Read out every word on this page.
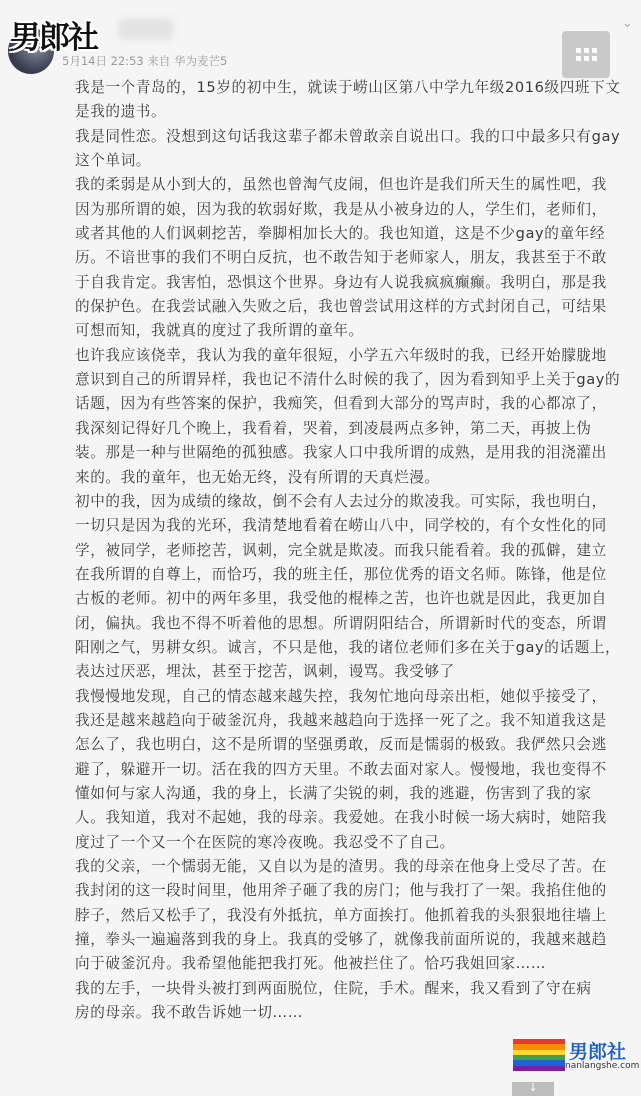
男郎社
5月14日 22:53 来自 华为麦芒5
⌄
我是一个青岛的，15岁的初中生，就读于崂山区第八中学九年级2016级四班下文
是我的遗书。
我是同性恋。没想到这句话我这辈子都未曾敢亲自说出口。我的口中最多只有gay
这个单词。
我的柔弱是从小到大的，虽然也曾淘气皮闹，但也许是我们所天生的属性吧，我
因为那所谓的娘，因为我的软弱好欺，我是从小被身边的人，学生们，老师们，
或者其他的人们讽刺挖苦，拳脚相加长大的。我也知道，这是不少gay的童年经
历。不谙世事的我们不明白反抗，也不敢告知于老师家人，朋友，我甚至于不敢
于自我肯定。我害怕，恐惧这个世界。身边有人说我疯疯癫癫。我明白，那是我
的保护色。在我尝试融入失败之后，我也曾尝试用这样的方式封闭自己，可结果
可想而知，我就真的度过了我所谓的童年。
也许我应该侥幸，我认为我的童年很短，小学五六年级时的我，已经开始朦胧地
意识到自己的所谓异样，我也记不清什么时候的我了，因为看到知乎上关于gay的
话题，因为有些答案的保护，我痴笑，但看到大部分的骂声时，我的心都凉了，
我深刻记得好几个晚上，我看着，哭着，到凌晨两点多钟，第二天，再披上伪
装。那是一种与世隔绝的孤独感。我家人口中我所谓的成熟，是用我的泪浇灌出
来的。我的童年，也无始无终，没有所谓的天真烂漫。
初中的我，因为成绩的缘故，倒不会有人去过分的欺凌我。可实际，我也明白，
一切只是因为我的光环，我清楚地看着在崂山八中，同学校的，有个女性化的同
学，被同学，老师挖苦，讽刺，完全就是欺凌。而我只能看着。我的孤僻，建立
在我所谓的自尊上，而恰巧，我的班主任，那位优秀的语文名师。陈锋，他是位
古板的老师。初中的两年多里，我受他的棍棒之苦，也许也就是因此，我更加自
闭，偏执。我也不得不听着他的思想。所谓阴阳结合，所谓新时代的变态，所谓
阳刚之气，男耕女织。诚言，不只是他，我的诸位老师们多在关于gay的话题上，
表达过厌恶，埋汰，甚至于挖苦，讽刺，谩骂。我受够了
我慢慢地发现，自己的情态越来越失控，我匆忙地向母亲出柜，她似乎接受了，
我还是越来越趋向于破釜沉舟，我越来越趋向于选择一死了之。我不知道我这是
怎么了，我也明白，这不是所谓的坚强勇敢，反而是懦弱的极致。我俨然只会逃
避了，躲避开一切。活在我的四方天里。不敢去面对家人。慢慢地，我也变得不
懂如何与家人沟通，我的身上，长满了尖锐的刺，我的逃避，伤害到了我的家
人。我知道，我对不起她，我的母亲。我爱她。在我小时候一场大病时，她陪我
度过了一个又一个在医院的寒冷夜晚。我忍受不了自己。
我的父亲，一个懦弱无能，又自以为是的渣男。我的母亲在他身上受尽了苦。在
我封闭的这一段时间里，他用斧子砸了我的房门；他与我打了一架。我掐住他的
脖子，然后又松手了，我没有外抵抗，单方面挨打。他抓着我的头狠狠地往墙上
撞，拳头一遍遍落到我的身上。我真的受够了，就像我前面所说的，我越来越趋
向于破釜沉舟。我希望他能把我打死。他被拦住了。恰巧我姐回家……
我的左手，一块骨头被打到两面脱位，住院，手术。醒来，我又看到了守在病
房的母亲。我不敢告诉她一切……
男郎社
nanlangshe.com
↓
